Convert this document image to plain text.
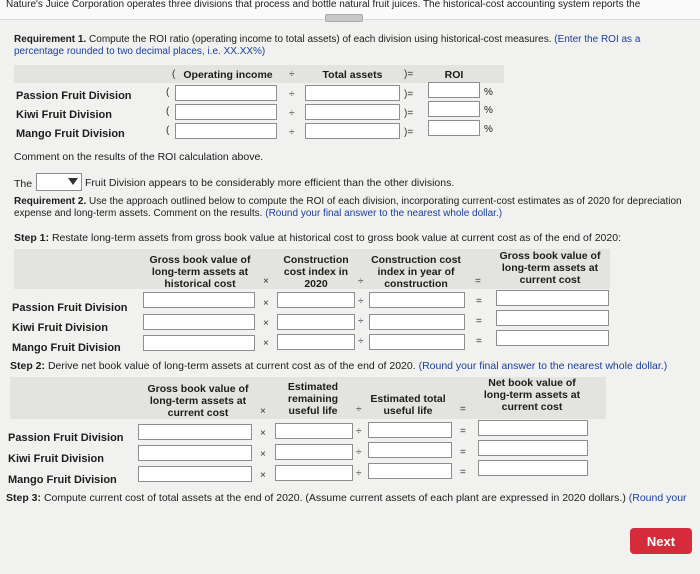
Nature's Juice Corporation operates three divisions that process and bottle natural fruit juices. The historical-cost accounting system reports the
Requirement 1. Compute the ROI ratio (operating income to total assets) of each division using historical-cost measures. (Enter the ROI as a percentage rounded to two decimal places, i.e. XX.XX%)
( Operating income	÷	Total assets	)=	ROI
Passion Fruit Division	(	÷	)=	%
Kiwi Fruit Division	(	÷	)=	%
Mango Fruit Division	(	÷	)=	%
Comment on the results of the ROI calculation above.
The	Fruit Division appears to be considerably more efficient than the other divisions.
Requirement 2. Use the approach outlined below to compute the ROI of each division, incorporating current-cost estimates as of 2020 for depreciation expense and long-term assets. Comment on the results. (Round your final answer to the nearest whole dollar.)
Step 1: Restate long-term assets from gross book value at historical cost to gross book value at current cost as of the end of 2020:
Gross book value of long-term assets at historical cost	×
Construction cost index in 2020	÷
Construction cost index in year of construction	=
Gross book value of long-term assets at current cost
Passion Fruit Division	×	÷	=
Kiwi Fruit Division	×	÷	=
Mango Fruit Division	×	÷	=
Step 2: Derive net book value of long-term assets at current cost as of the end of 2020. (Round your final answer to the nearest whole dollar.)
Gross book value of long-term assets at current cost	×
Estimated remaining useful life	÷
Estimated total useful life	=
Net book value of long-term assets at current cost
Passion Fruit Division	×	÷	=
Kiwi Fruit Division	×	÷	=
Mango Fruit Division	×	÷	=
Step 3: Compute current cost of total assets at the end of 2020. (Assume current assets of each plant are expressed in 2020 dollars.) (Round your
Next
